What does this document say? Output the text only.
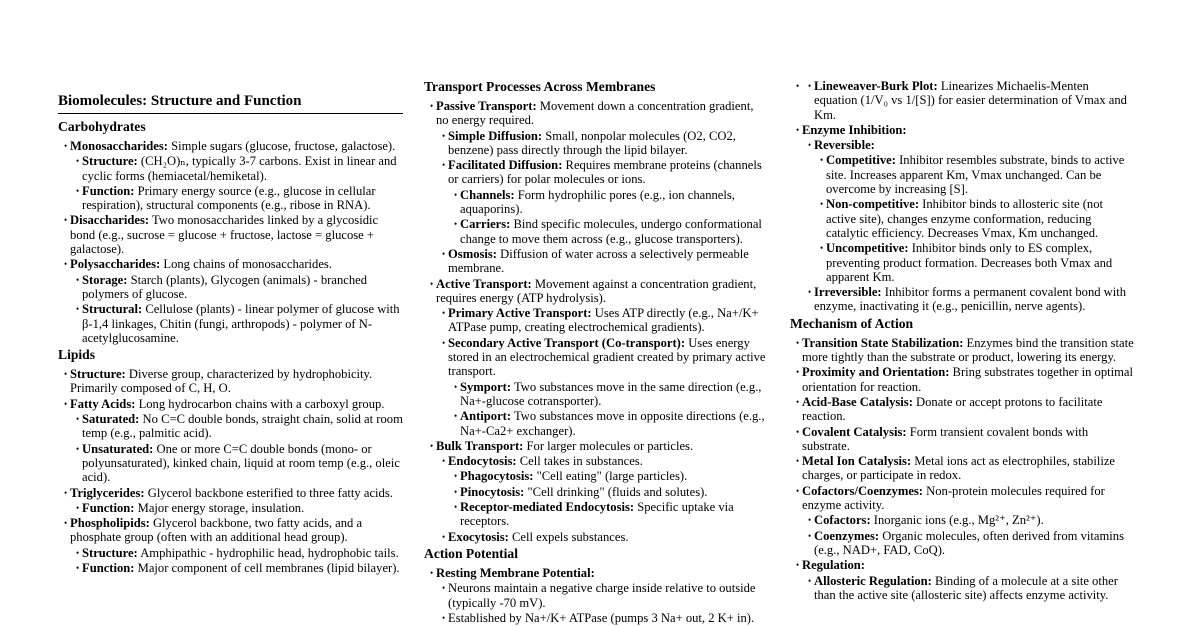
Biomolecules: Structure and Function
Carbohydrates
• Monosaccharides: Simple sugars (glucose, fructose, galactose).
• Structure: (CH₂O)ₙ, typically 3-7 carbons. Exist in linear and cyclic forms (hemiacetal/hemiketal).
• Function: Primary energy source (e.g., glucose in cellular respiration), structural components (e.g., ribose in RNA).
• Disaccharides: Two monosaccharides linked by a glycosidic bond (e.g., sucrose = glucose + fructose, lactose = glucose + galactose).
• Polysaccharides: Long chains of monosaccharides.
• Storage: Starch (plants), Glycogen (animals) - branched polymers of glucose.
• Structural: Cellulose (plants) - linear polymer of glucose with β-1,4 linkages, Chitin (fungi, arthropods) - polymer of N-acetylglucosamine.
Lipids
• Structure: Diverse group, characterized by hydrophobicity. Primarily composed of C, H, O.
• Fatty Acids: Long hydrocarbon chains with a carboxyl group.
• Saturated: No C=C double bonds, straight chain, solid at room temp (e.g., palmitic acid).
• Unsaturated: One or more C=C double bonds (mono- or polyunsaturated), kinked chain, liquid at room temp (e.g., oleic acid).
• Triglycerides: Glycerol backbone esterified to three fatty acids.
• Function: Major energy storage, insulation.
• Phospholipids: Glycerol backbone, two fatty acids, and a phosphate group (often with an additional head group).
• Structure: Amphipathic - hydrophilic head, hydrophobic tails.
• Function: Major component of cell membranes (lipid bilayer).
Transport Processes Across Membranes
• Passive Transport: Movement down a concentration gradient, no energy required.
• Simple Diffusion: Small, nonpolar molecules (O2, CO2, benzene) pass directly through the lipid bilayer.
• Facilitated Diffusion: Requires membrane proteins (channels or carriers) for polar molecules or ions.
• Channels: Form hydrophilic pores (e.g., ion channels, aquaporins).
• Carriers: Bind specific molecules, undergo conformational change to move them across (e.g., glucose transporters).
• Osmosis: Diffusion of water across a selectively permeable membrane.
• Active Transport: Movement against a concentration gradient, requires energy (ATP hydrolysis).
• Primary Active Transport: Uses ATP directly (e.g., Na+/K+ ATPase pump, creating electrochemical gradients).
• Secondary Active Transport (Co-transport): Uses energy stored in an electrochemical gradient created by primary active transport.
• Symport: Two substances move in the same direction (e.g., Na+-glucose cotransporter).
• Antiport: Two substances move in opposite directions (e.g., Na+-Ca2+ exchanger).
• Bulk Transport: For larger molecules or particles.
• Endocytosis: Cell takes in substances.
• Phagocytosis: "Cell eating" (large particles).
• Pinocytosis: "Cell drinking" (fluids and solutes).
• Receptor-mediated Endocytosis: Specific uptake via receptors.
• Exocytosis: Cell expels substances.
Action Potential
• Resting Membrane Potential:
• Neurons maintain a negative charge inside relative to outside (typically -70 mV).
• Established by Na+/K+ ATPase (pumps 3 Na+ out, 2 K+ in).
• • Lineweaver-Burk Plot: Linearizes Michaelis-Menten equation (1/V₀ vs 1/[S]) for easier determination of Vmax and Km.
• Enzyme Inhibition:
• Reversible:
• Competitive: Inhibitor resembles substrate, binds to active site. Increases apparent Km, Vmax unchanged. Can be overcome by increasing [S].
• Non-competitive: Inhibitor binds to allosteric site (not active site), changes enzyme conformation, reducing catalytic efficiency. Decreases Vmax, Km unchanged.
• Uncompetitive: Inhibitor binds only to ES complex, preventing product formation. Decreases both Vmax and apparent Km.
• Irreversible: Inhibitor forms a permanent covalent bond with enzyme, inactivating it (e.g., penicillin, nerve agents).
Mechanism of Action
• Transition State Stabilization: Enzymes bind the transition state more tightly than the substrate or product, lowering its energy.
• Proximity and Orientation: Bring substrates together in optimal orientation for reaction.
• Acid-Base Catalysis: Donate or accept protons to facilitate reaction.
• Covalent Catalysis: Form transient covalent bonds with substrate.
• Metal Ion Catalysis: Metal ions act as electrophiles, stabilize charges, or participate in redox.
• Cofactors/Coenzymes: Non-protein molecules required for enzyme activity.
• Cofactors: Inorganic ions (e.g., Mg²⁺, Zn²⁺).
• Coenzymes: Organic molecules, often derived from vitamins (e.g., NAD+, FAD, CoQ).
• Regulation:
• Allosteric Regulation: Binding of a molecule at a site other than the active site (allosteric site) affects enzyme activity.
